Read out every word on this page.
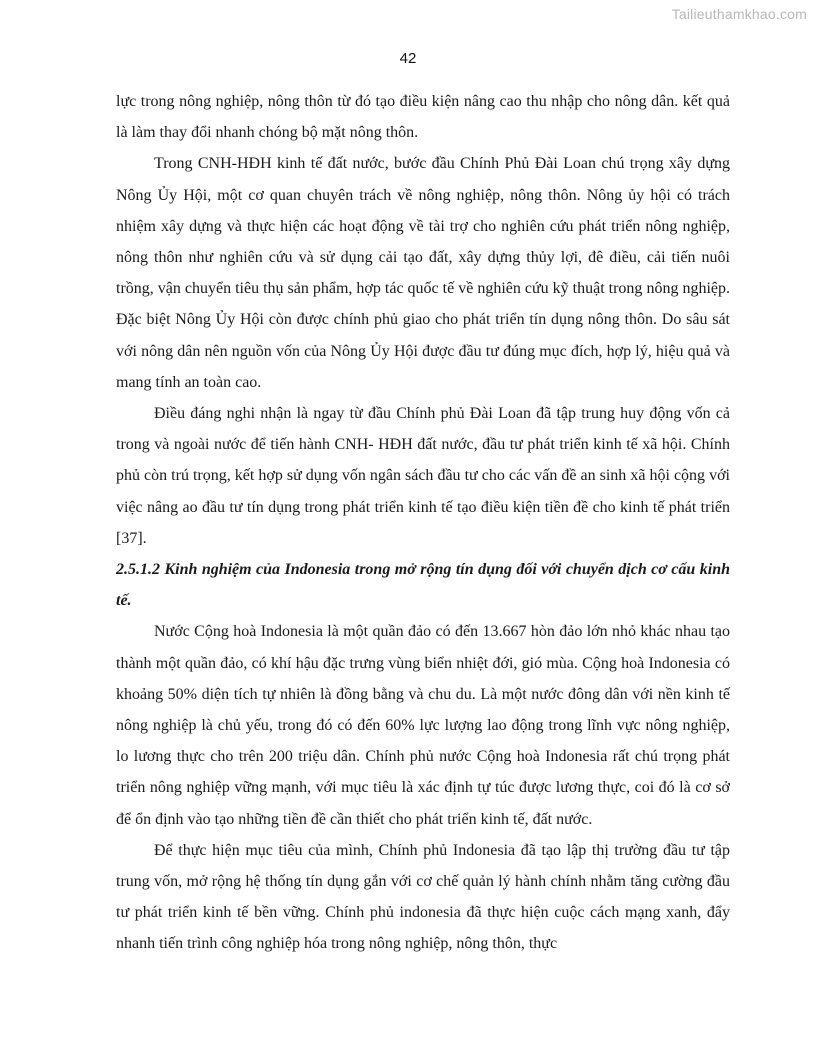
Tailieuthamkhao.com
42

lực trong nông nghiệp, nông thôn từ đó tạo điều kiện nâng cao thu nhập cho nông dân. kết quả là làm thay đổi nhanh chóng bộ mặt nông thôn.

Trong CNH-HĐH kinh tế đất nước, bước đầu Chính Phủ Đài Loan chú trọng xây dựng Nông Ủy Hội, một cơ quan chuyên trách về nông nghiệp, nông thôn. Nông ủy hội có trách nhiệm xây dựng và thực hiện các hoạt động về tài trợ cho nghiên cứu phát triển nông nghiệp, nông thôn như nghiên cứu và sử dụng cải tạo đất, xây dựng thủy lợi, đê điều, cải tiến nuôi trồng, vận chuyển tiêu thụ sản phẩm, hợp tác quốc tế về nghiên cứu kỹ thuật trong nông nghiệp. Đặc biệt Nông Ủy Hội còn được chính phủ giao cho phát triển tín dụng nông thôn. Do sâu sát với nông dân nên nguồn vốn của Nông Ủy Hội được đầu tư đúng mục đích, hợp lý, hiệu quả và mang tính an toàn cao.

Điều đáng nghi nhận là ngay từ đầu Chính phủ Đài Loan đã tập trung huy động vốn cả trong và ngoài nước để tiến hành CNH- HĐH đất nước, đầu tư phát triển kinh tế xã hội. Chính phủ còn trú trọng, kết hợp sử dụng vốn ngân sách đầu tư cho các vấn đề an sinh xã hội cộng với việc nâng ao đầu tư tín dụng trong phát triển kinh tế tạo điều kiện tiền đề cho kinh tế phát triển [37].

2.5.1.2 Kinh nghiệm của Indonesia trong mở rộng tín dụng đối với chuyển dịch cơ cấu kinh tế.

Nước Cộng hoà Indonesia là một quần đảo có đến 13.667 hòn đảo lớn nhỏ khác nhau tạo thành một quần đảo, có khí hậu đặc trưng vùng biển nhiệt đới, gió mùa. Cộng hoà Indonesia có khoảng 50% diện tích tự nhiên là đồng bằng và chu du. Là một nước đông dân với nền kinh tế nông nghiệp là chủ yếu, trong đó có đến 60% lực lượng lao động trong lĩnh vực nông nghiệp, lo lương thực cho trên 200 triệu dân. Chính phủ nước Cộng hoà Indonesia rất chú trọng phát triển nông nghiệp vững mạnh, với mục tiêu là xác định tự túc được lương thực, coi đó là cơ sở để ổn định vào tạo những tiền đề cần thiết cho phát triển kinh tế, đất nước.

Để thực hiện mục tiêu của mình, Chính phủ Indonesia đã tạo lập thị trường đầu tư tập trung vốn, mở rộng hệ thống tín dụng gắn với cơ chế quản lý hành chính nhằm tăng cường đầu tư phát triển kinh tế bền vững. Chính phủ indonesia đã thực hiện cuộc cách mạng xanh, đẩy nhanh tiến trình công nghiệp hóa trong nông nghiệp, nông thôn, thực
